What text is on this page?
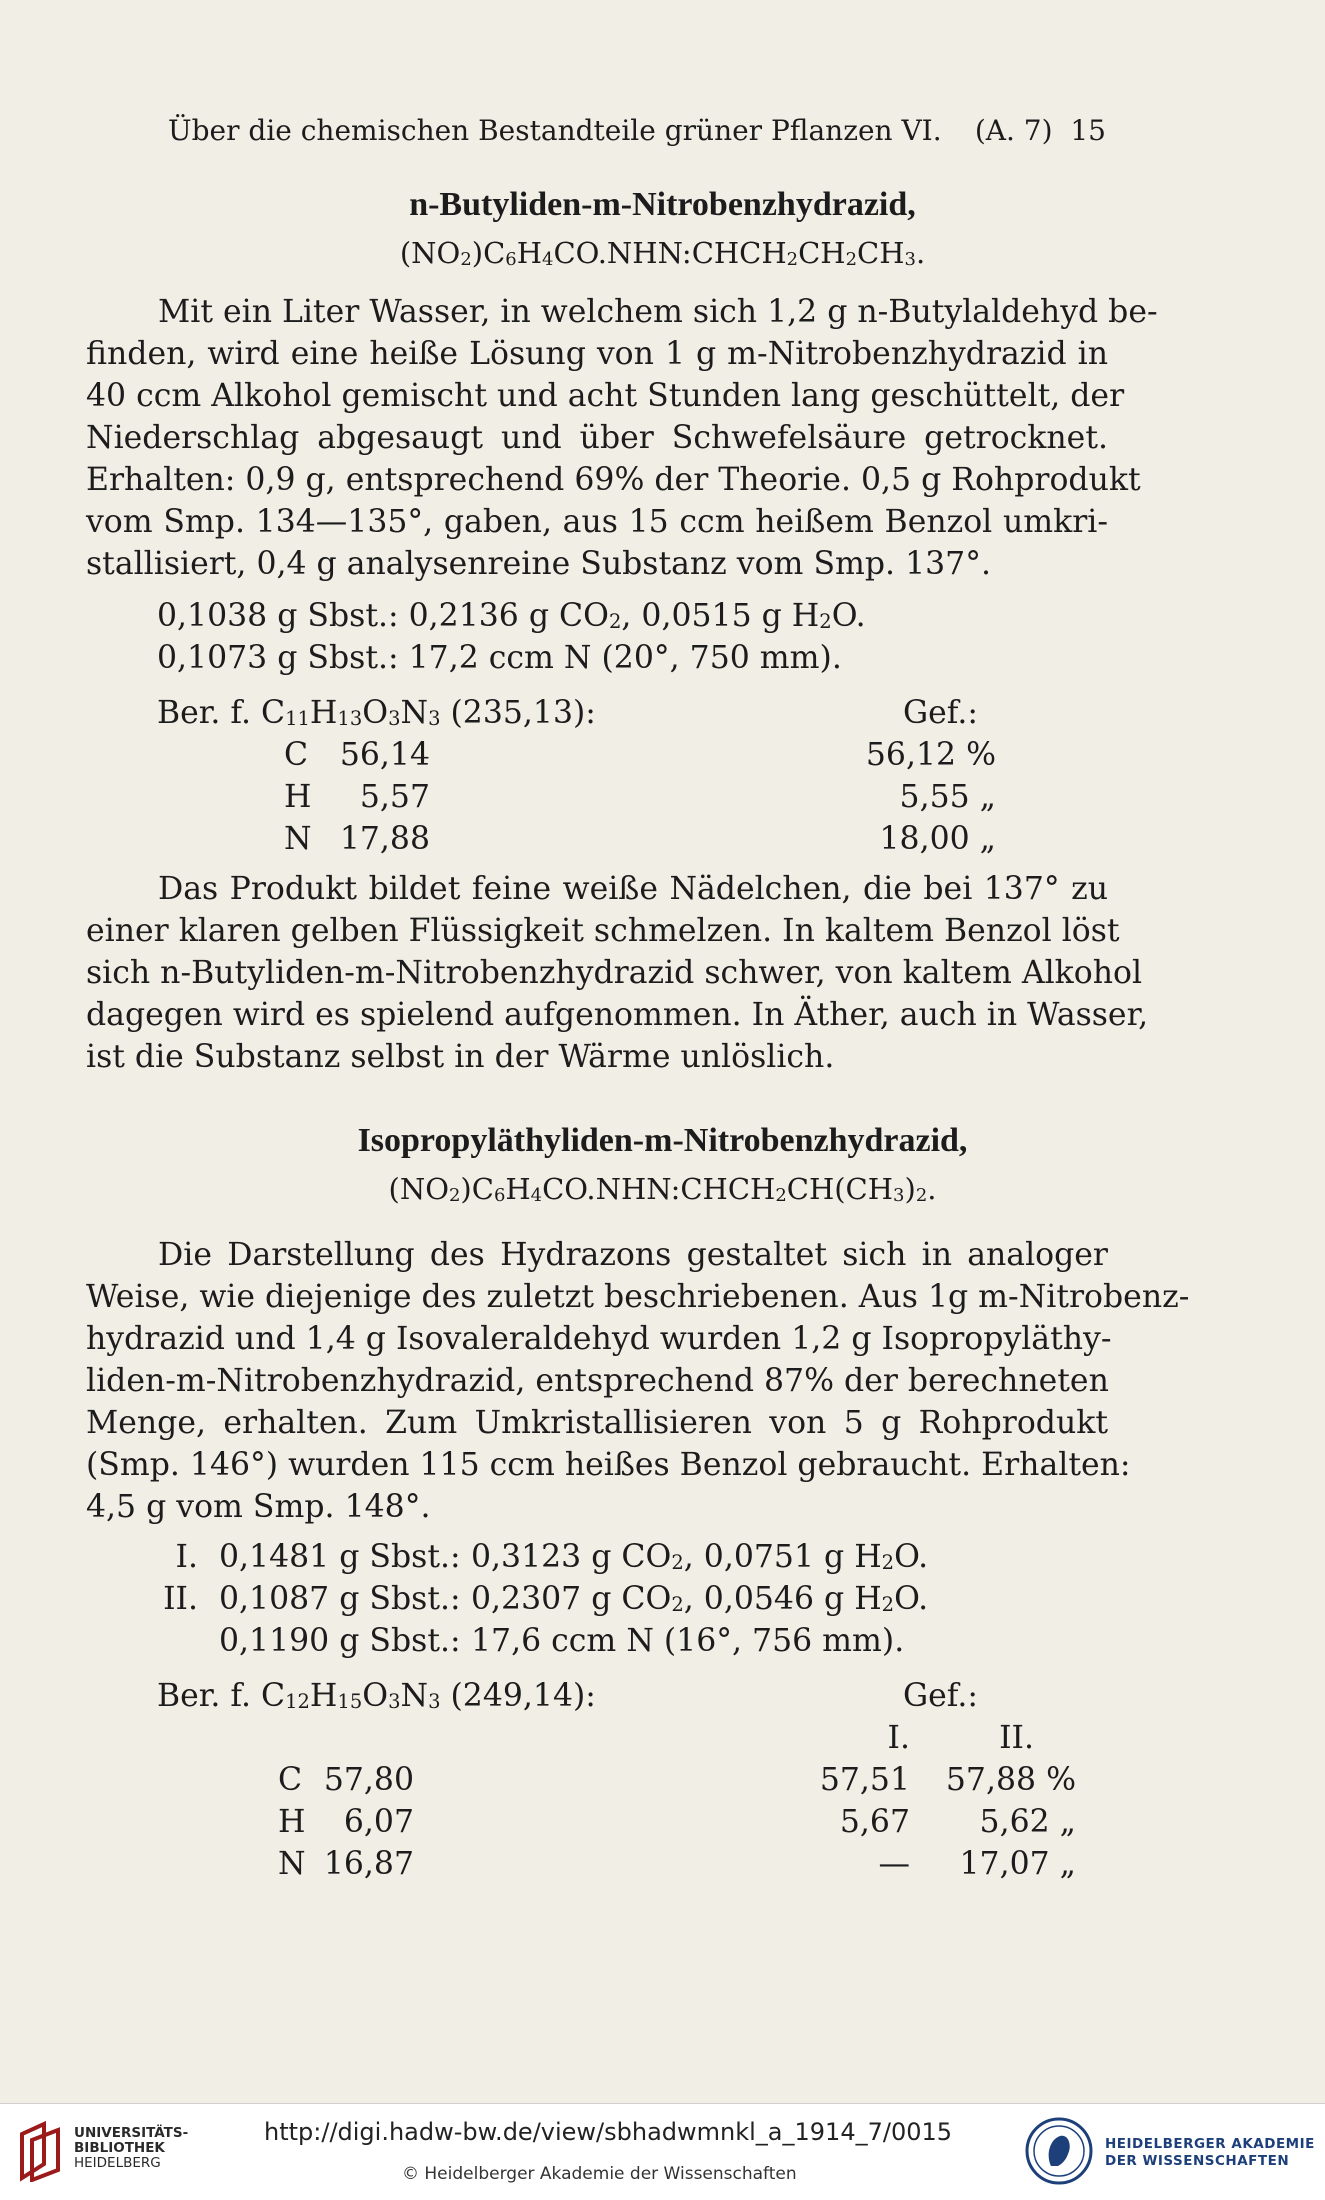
Über die chemischen Bestandteile grüner Pflanzen VI. (A. 7) 15
n-Butyliden-m-Nitrobenzhydrazid,
$(NO_2)C_6H_4CO.NHN:CHCH_2CH_2CH_3$.
Mit ein Liter Wasser, in welchem sich 1,2 g n-Butylaldehyd be-
finden, wird eine heiße Lösung von 1 g m-Nitrobenzhydrazid in
40 ccm Alkohol gemischt und acht Stunden lang geschüttelt, der
Niederschlag abgesaugt und über Schwefelsäure getrocknet.
Erhalten: 0,9 g, entsprechend 69% der Theorie. 0,5 g Rohprodukt
vom Smp. 134—135°, gaben, aus 15 ccm heißem Benzol umkri-
stallisiert, 0,4 g analysenreine Substanz vom Smp. 137°.
0,1038 g Sbst.: 0,2136 g $CO_2$, 0,0515 g $H_2O$.
0,1073 g Sbst.: 17,2 ccm N (20°, 750 mm).
Ber. f. $C_{11}H_{13}O_3N_3$ (235,13):	Gef.:
C	56,14	56,12 %
H	5,57	5,55 „
N 17,88	18,00 „
Das Produkt bildet feine weiße Nädelchen, die bei 137° zu
einer klaren gelben Flüssigkeit schmelzen. In kaltem Benzol löst
sich n-Butyliden-m-Nitrobenzhydrazid schwer, von kaltem Alkohol
dagegen wird es spielend aufgenommen. In Äther, auch in Wasser,
ist die Substanz selbst in der Wärme unlöslich.
Isopropyläthyliden-m-Nitrobenzhydrazid,
$(NO_2)C_6H_4CO.NHN:CHCH_2CH(CH_3)_2$.
Die Darstellung des Hydrazons gestaltet sich in analoger
Weise, wie diejenige des zuletzt beschriebenen. Aus 1g m-Nitrobenz-
hydrazid und 1,4 g Isovaleraldehyd wurden 1,2 g Isopropyläthy-
liden-m-Nitrobenzhydrazid, entsprechend 87% der berechneten
Menge, erhalten. Zum Umkristallisieren von 5 g Rohprodukt
(Smp. 146°) wurden 115 ccm heißes Benzol gebraucht. Erhalten:
4,5 g vom Smp. 148°.
I. 0,1481 g Sbst.: 0,3123 g $CO_2$, 0,0751 g $H_2O$.
II. 0,1087 g Sbst.: 0,2307 g $CO_2$, 0,0546 g $H_2O$.
0,1190 g Sbst.: 17,6 ccm N (16°, 756 mm).
Ber. f. $C_{12}H_{15}O_3N_3$ (249,14):	Gef.:
I.	II.
C 57,80	57,51	57,88 %
H	6,07	5,67	5,62 „
N 16,87	—	17,07 „
UNIVERSITÄTS-
BIBLIOTHEK
HEIDELBERG
http://digi.hadw-bw.de/view/sbhadwmnkl_a_1914_7/0015
© Heidelberger Akademie der Wissenschaften
HEIDELBERGER AKADEMIE
DER WISSENSCHAFTEN
